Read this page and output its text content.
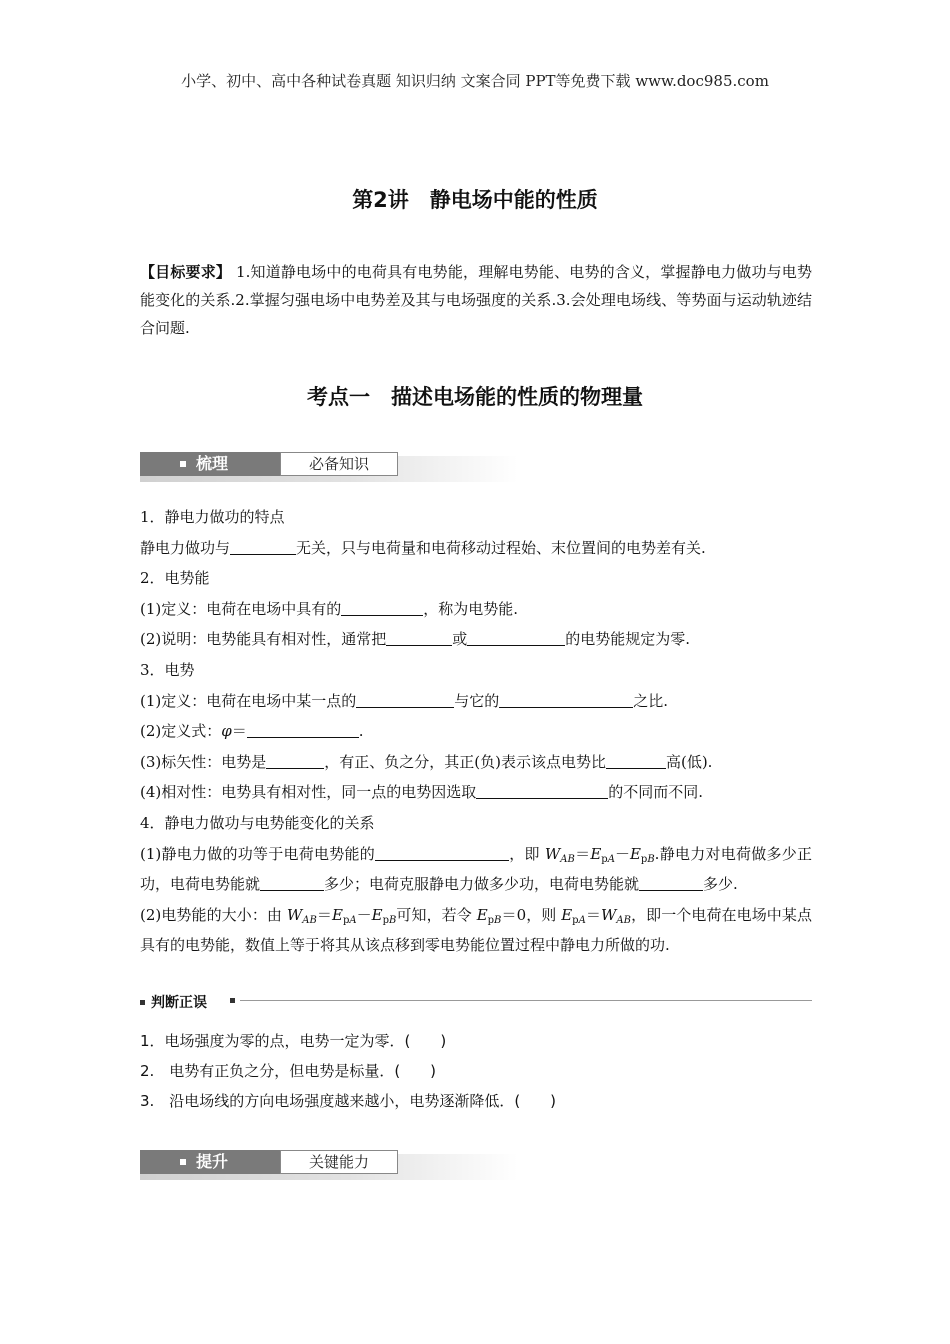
小学、初中、高中各种试卷真题 知识归纳 文案合同 PPT等免费下载 www.doc985.com
第2讲　静电场中能的性质
【目标要求】 1.知道静电场中的电荷具有电势能，理解电势能、电势的含义，掌握静电力做功与电势能变化的关系.2.掌握匀强电场中电势差及其与电场强度的关系.3.会处理电场线、等势面与运动轨迹结合问题.
考点一　描述电场能的性质的物理量
梳理	必备知识

1．静电力做功的特点

静电力做功与	无关，只与电荷量和电荷移动过程始、末位置间的电势差有关.

2．电势能

(1)定义：电荷在电场中具有的	，称为电势能.

(2)说明：电势能具有相对性，通常把	或	的电势能规定为零.

3．电势

(1)定义：电荷在电场中某一点的	与它的	之比.

(2)定义式：φ＝	.

(3)标矢性：电势是	，有正、负之分，其正(负)表示该点电势比	高(低).

(4)相对性：电势具有相对性，同一点的电势因选取	的不同而不同.

4．静电力做功与电势能变化的关系

(1)静电力做的功等于电荷电势能的	，即 $W_{AB}=E_{pA}-E_{pB}$.静电力对电荷做多少正功，电荷电势能就	多少；电荷克服静电力做多少功，电荷电势能就	多少.

(2)电势能的大小：由 $W_{AB}=E_{pA}-E_{pB}$可知，若令 $E_{pB}=0$，则 $E_{pA}=W_{AB}$，即一个电荷在电场中某点具有的电势能，数值上等于将其从该点移到零电势能位置过程中静电力所做的功.

判断正误

1．电场强度为零的点，电势一定为零．(　　)

2.　电势有正负之分，但电势是标量．(　　)

3.　沿电场线的方向电场强度越来越小，电势逐渐降低．(　　)

提升	关键能力
